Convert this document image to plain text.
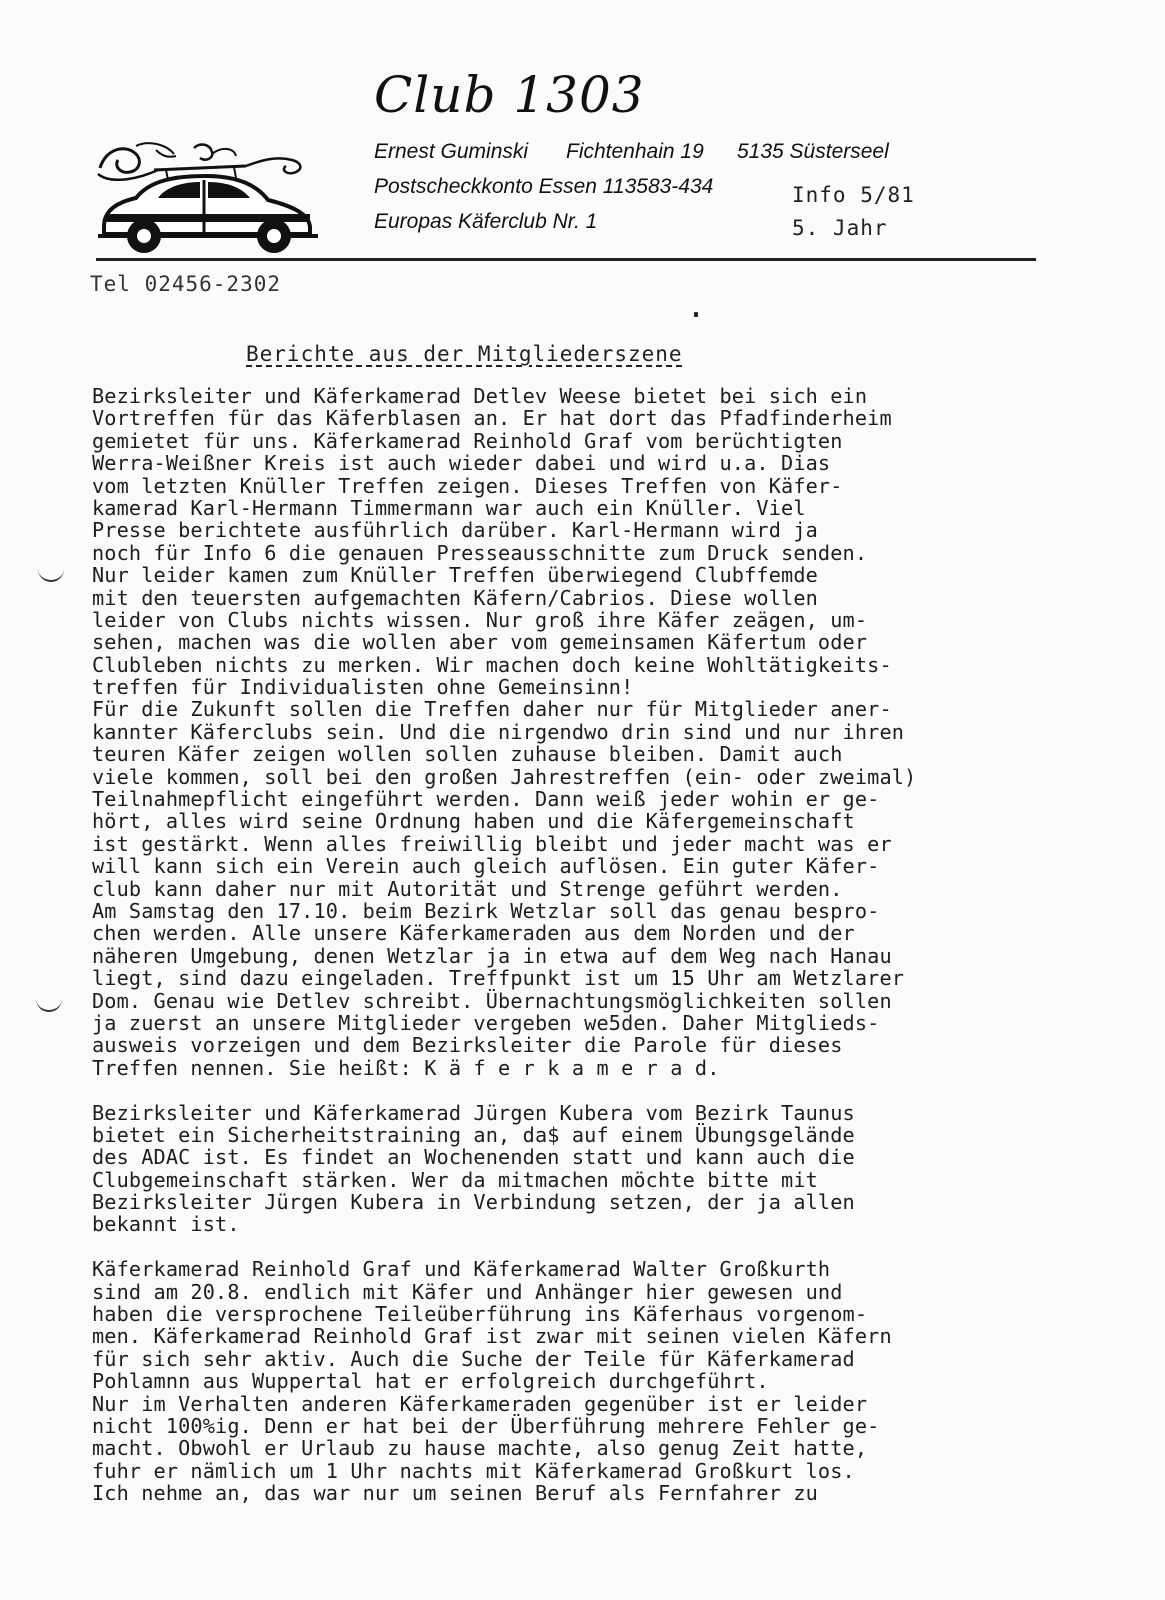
Club 1303
Ernest Guminski Fichtenhain 19 5135 Süsterseel
Postscheckkonto Essen 113583-434
Europas Käferclub Nr. 1
Info 5/81
5. Jahr
Tel 02456-2302
Berichte aus der Mitgliederszene
Bezirksleiter und Käferkamerad Detlev Weese bietet bei sich ein
Vortreffen für das Käferblasen an. Er hat dort das Pfadfinderheim
gemietet für uns. Käferkamerad Reinhold Graf vom berüchtigten
Werra-Weißner Kreis ist auch wieder dabei und wird u.a. Dias
vom letzten Knüller Treffen zeigen. Dieses Treffen von Käfer-
kamerad Karl-Hermann Timmermann war auch ein Knüller. Viel
Presse berichtete ausführlich darüber. Karl-Hermann wird ja
noch für Info 6 die genauen Presseausschnitte zum Druck senden.
Nur leider kamen zum Knüller Treffen überwiegend Clubffemde
mit den teuersten aufgemachten Käfern/Cabrios. Diese wollen
leider von Clubs nichts wissen. Nur groß ihre Käfer zeägen, um-
sehen, machen was die wollen aber vom gemeinsamen Käfertum oder
Clubleben nichts zu merken. Wir machen doch keine Wohltätigkeits-
treffen für Individualisten ohne Gemeinsinn!
Für die Zukunft sollen die Treffen daher nur für Mitglieder aner-
kannter Käferclubs sein. Und die nirgendwo drin sind und nur ihren
teuren Käfer zeigen wollen sollen zuhause bleiben. Damit auch
viele kommen, soll bei den großen Jahrestreffen (ein- oder zweimal)
Teilnahmepflicht eingeführt werden. Dann weiß jeder wohin er ge-
hört, alles wird seine Ordnung haben und die Käfergemeinschaft
ist gestärkt. Wenn alles freiwillig bleibt und jeder macht was er
will kann sich ein Verein auch gleich auflösen. Ein guter Käfer-
club kann daher nur mit Autorität und Strenge geführt werden.
Am Samstag den 17.10. beim Bezirk Wetzlar soll das genau bespro-
chen werden. Alle unsere Käferkameraden aus dem Norden und der
näheren Umgebung, denen Wetzlar ja in etwa auf dem Weg nach Hanau
liegt, sind dazu eingeladen. Treffpunkt ist um 15 Uhr am Wetzlarer
Dom. Genau wie Detlev schreibt. Übernachtungsmöglichkeiten sollen
ja zuerst an unsere Mitglieder vergeben we5den. Daher Mitglieds-
ausweis vorzeigen und dem Bezirksleiter die Parole für dieses
Treffen nennen. Sie heißt: K ä f e r k a m e r a d.
Bezirksleiter und Käferkamerad Jürgen Kubera vom Bezirk Taunus
bietet ein Sicherheitstraining an, da$ auf einem Übungsgelände
des ADAC ist. Es findet an Wochenenden statt und kann auch die
Clubgemeinschaft stärken. Wer da mitmachen möchte bitte mit
Bezirksleiter Jürgen Kubera in Verbindung setzen, der ja allen
bekannt ist.
Käferkamerad Reinhold Graf und Käferkamerad Walter Großkurth
sind am 20.8. endlich mit Käfer und Anhänger hier gewesen und
haben die versprochene Teileüberführung ins Käferhaus vorgenom-
men. Käferkamerad Reinhold Graf ist zwar mit seinen vielen Käfern
für sich sehr aktiv. Auch die Suche der Teile für Käferkamerad
Pohlamnn aus Wuppertal hat er erfolgreich durchgeführt.
Nur im Verhalten anderen Käferkameraden gegenüber ist er leider
nicht 100%ig. Denn er hat bei der Überführung mehrere Fehler ge-
macht. Obwohl er Urlaub zu hause machte, also genug Zeit hatte,
fuhr er nämlich um 1 Uhr nachts mit Käferkamerad Großkurt los.
Ich nehme an, das war nur um seinen Beruf als Fernfahrer zu
